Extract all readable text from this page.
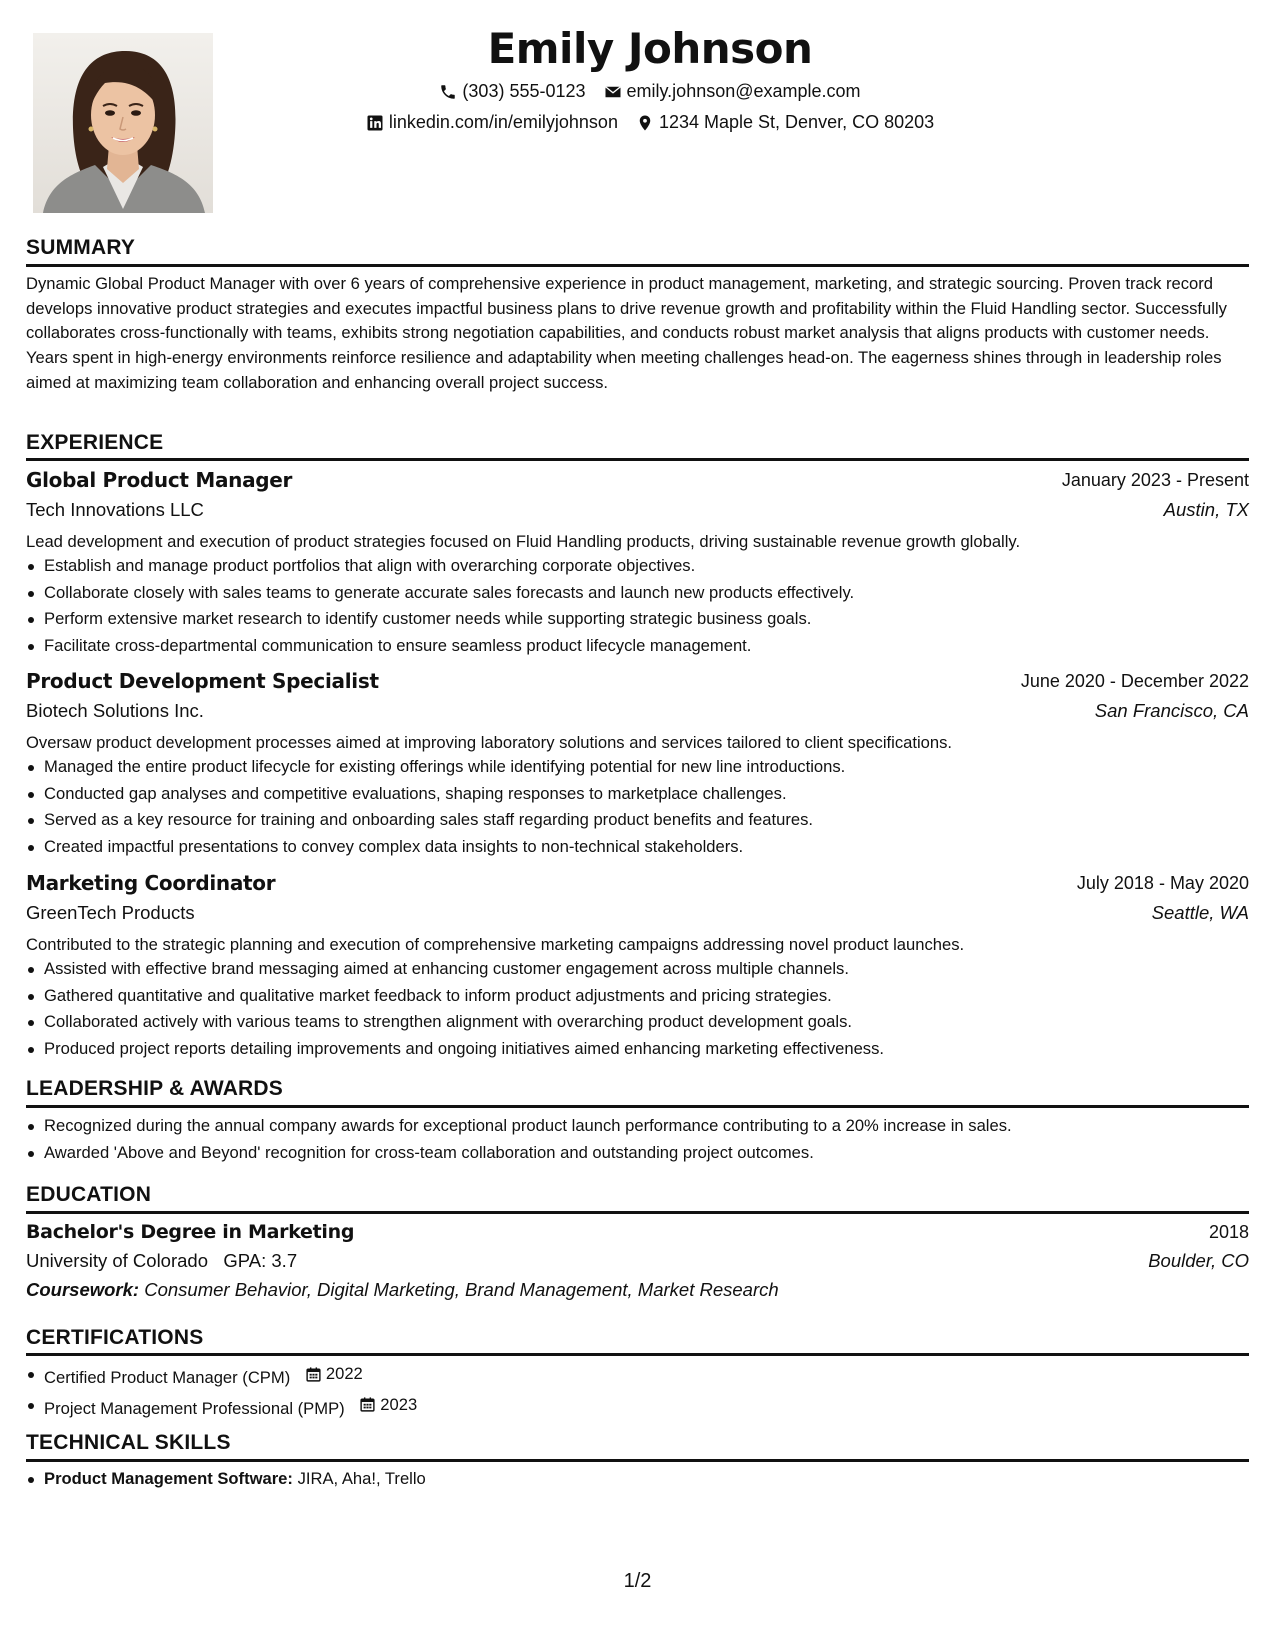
Emily Johnson
(303) 555-0123 emily.johnson@example.com
linkedin.com/in/emilyjohnson 1234 Maple St, Denver, CO 80203
SUMMARY
Dynamic Global Product Manager with over 6 years of comprehensive experience in product management, marketing, and strategic sourcing. Proven track record develops innovative product strategies and executes impactful business plans to drive revenue growth and profitability within the Fluid Handling sector. Successfully collaborates cross-functionally with teams, exhibits strong negotiation capabilities, and conducts robust market analysis that aligns products with customer needs. Years spent in high-energy environments reinforce resilience and adaptability when meeting challenges head-on. The eagerness shines through in leadership roles aimed at maximizing team collaboration and enhancing overall project success.
EXPERIENCE
Global Product Manager	January 2023 - Present
Tech Innovations LLC	Austin, TX
Lead development and execution of product strategies focused on Fluid Handling products, driving sustainable revenue growth globally.
Establish and manage product portfolios that align with overarching corporate objectives.
Collaborate closely with sales teams to generate accurate sales forecasts and launch new products effectively.
Perform extensive market research to identify customer needs while supporting strategic business goals.
Facilitate cross-departmental communication to ensure seamless product lifecycle management.
Product Development Specialist	June 2020 - December 2022
Biotech Solutions Inc.	San Francisco, CA
Oversaw product development processes aimed at improving laboratory solutions and services tailored to client specifications.
Managed the entire product lifecycle for existing offerings while identifying potential for new line introductions.
Conducted gap analyses and competitive evaluations, shaping responses to marketplace challenges.
Served as a key resource for training and onboarding sales staff regarding product benefits and features.
Created impactful presentations to convey complex data insights to non-technical stakeholders.
Marketing Coordinator	July 2018 - May 2020
GreenTech Products	Seattle, WA
Contributed to the strategic planning and execution of comprehensive marketing campaigns addressing novel product launches.
Assisted with effective brand messaging aimed at enhancing customer engagement across multiple channels.
Gathered quantitative and qualitative market feedback to inform product adjustments and pricing strategies.
Collaborated actively with various teams to strengthen alignment with overarching product development goals.
Produced project reports detailing improvements and ongoing initiatives aimed enhancing marketing effectiveness.
LEADERSHIP & AWARDS
Recognized during the annual company awards for exceptional product launch performance contributing to a 20% increase in sales.
Awarded 'Above and Beyond' recognition for cross-team collaboration and outstanding project outcomes.
EDUCATION
Bachelor's Degree in Marketing	2018
University of Colorado GPA: 3.7	Boulder, CO
Coursework: Consumer Behavior, Digital Marketing, Brand Management, Market Research
CERTIFICATIONS
Certified Product Manager (CPM) 2022
Project Management Professional (PMP) 2023
TECHNICAL SKILLS
Product Management Software: JIRA, Aha!, Trello
1/2
